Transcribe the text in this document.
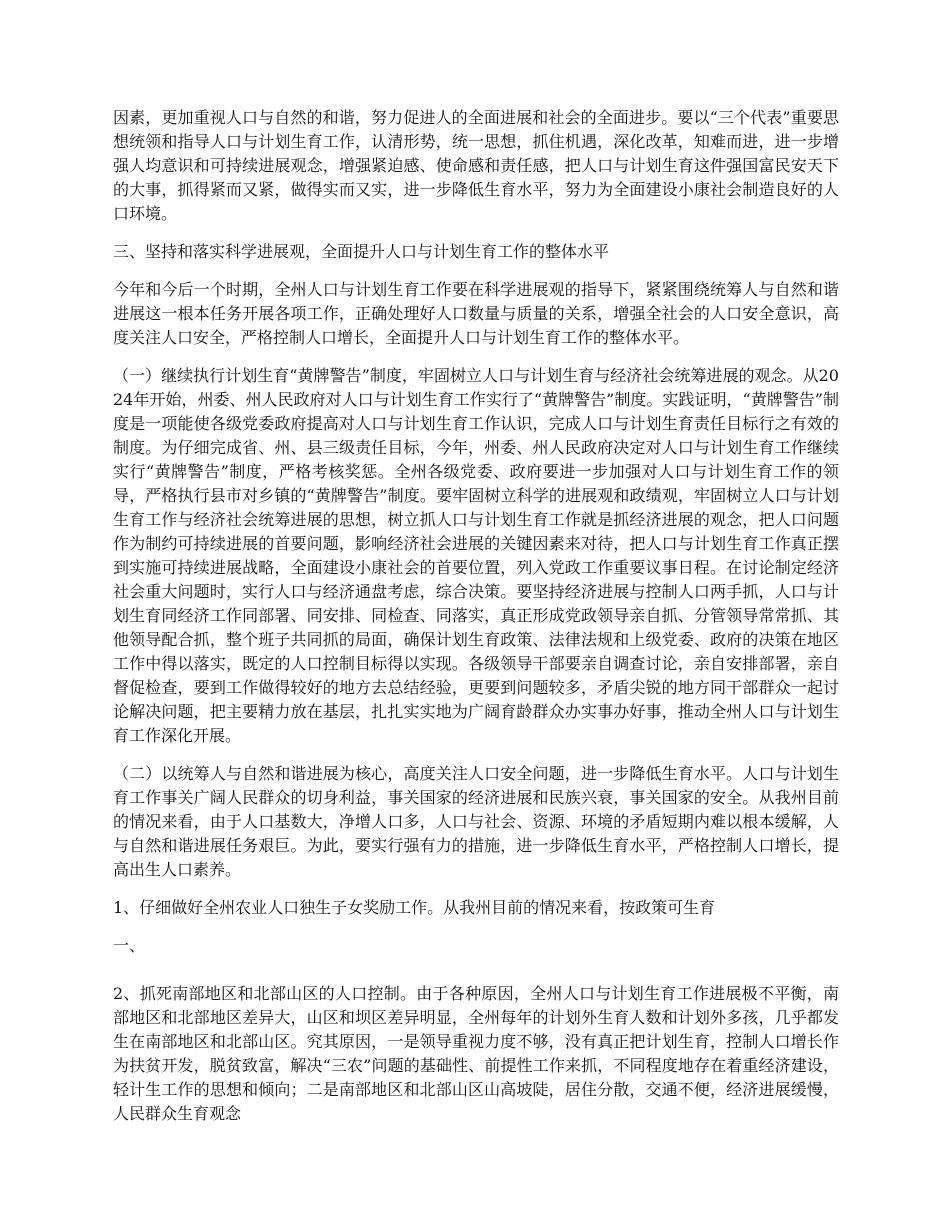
因素，更加重视人口与自然的和谐，努力促进人的全面进展和社会的全面进步。要以“三个代表”重要思想统领和指导人口与计划生育工作，认清形势，统一思想，抓住机遇，深化改革，知难而进，进一步增强人均意识和可持续进展观念，增强紧迫感、使命感和责任感，把人口与计划生育这件强国富民安天下的大事，抓得紧而又紧，做得实而又实，进一步降低生育水平，努力为全面建设小康社会制造良好的人口环境。

三、坚持和落实科学进展观，全面提升人口与计划生育工作的整体水平

今年和今后一个时期，全州人口与计划生育工作要在科学进展观的指导下，紧紧围绕统筹人与自然和谐进展这一根本任务开展各项工作，正确处理好人口数量与质量的关系，增强全社会的人口安全意识，高度关注人口安全，严格控制人口增长，全面提升人口与计划生育工作的整体水平。

（一）继续执行计划生育“黄牌警告”制度，牢固树立人口与计划生育与经济社会统筹进展的观念。从2024年开始，州委、州人民政府对人口与计划生育工作实行了“黄牌警告”制度。实践证明，“黄牌警告”制度是一项能使各级党委政府提高对人口与计划生育工作认识，完成人口与计划生育责任目标行之有效的制度。为仔细完成省、州、县三级责任目标，今年，州委、州人民政府决定对人口与计划生育工作继续实行“黄牌警告”制度，严格考核奖惩。全州各级党委、政府要进一步加强对人口与计划生育工作的领导，严格执行县市对乡镇的“黄牌警告”制度。要牢固树立科学的进展观和政绩观，牢固树立人口与计划生育工作与经济社会统筹进展的思想，树立抓人口与计划生育工作就是抓经济进展的观念，把人口问题作为制约可持续进展的首要问题，影响经济社会进展的关键因素来对待，把人口与计划生育工作真正摆到实施可持续进展战略，全面建设小康社会的首要位置，列入党政工作重要议事日程。在讨论制定经济社会重大问题时，实行人口与经济通盘考虑，综合决策。要坚持经济进展与控制人口两手抓，人口与计划生育同经济工作同部署、同安排、同检查、同落实，真正形成党政领导亲自抓、分管领导常常抓、其他领导配合抓，整个班子共同抓的局面，确保计划生育政策、法律法规和上级党委、政府的决策在地区工作中得以落实，既定的人口控制目标得以实现。各级领导干部要亲自调查讨论，亲自安排部署，亲自督促检查，要到工作做得较好的地方去总结经验，更要到问题较多，矛盾尖锐的地方同干部群众一起讨论解决问题，把主要精力放在基层，扎扎实实地为广阔育龄群众办实事办好事，推动全州人口与计划生育工作深化开展。

（二）以统筹人与自然和谐进展为核心，高度关注人口安全问题，进一步降低生育水平。人口与计划生育工作事关广阔人民群众的切身利益，事关国家的经济进展和民族兴衰，事关国家的安全。从我州目前的情况来看，由于人口基数大，净增人口多，人口与社会、资源、环境的矛盾短期内难以根本缓解，人与自然和谐进展任务艰巨。为此，要实行强有力的措施，进一步降低生育水平，严格控制人口增长，提高出生人口素养。

1、仔细做好全州农业人口独生子女奖励工作。从我州目前的情况来看，按政策可生育

一、

2、抓死南部地区和北部山区的人口控制。由于各种原因，全州人口与计划生育工作进展极不平衡，南部地区和北部地区差异大，山区和坝区差异明显，全州每年的计划外生育人数和计划外多孩，几乎都发生在南部地区和北部山区。究其原因，一是领导重视力度不够，没有真正把计划生育，控制人口增长作为扶贫开发，脱贫致富，解决“三农”问题的基础性、前提性工作来抓，不同程度地存在着重经济建设，轻计生工作的思想和倾向；二是南部地区和北部山区山高坡陡，居住分散，交通不便，经济进展缓慢，人民群众生育观念
